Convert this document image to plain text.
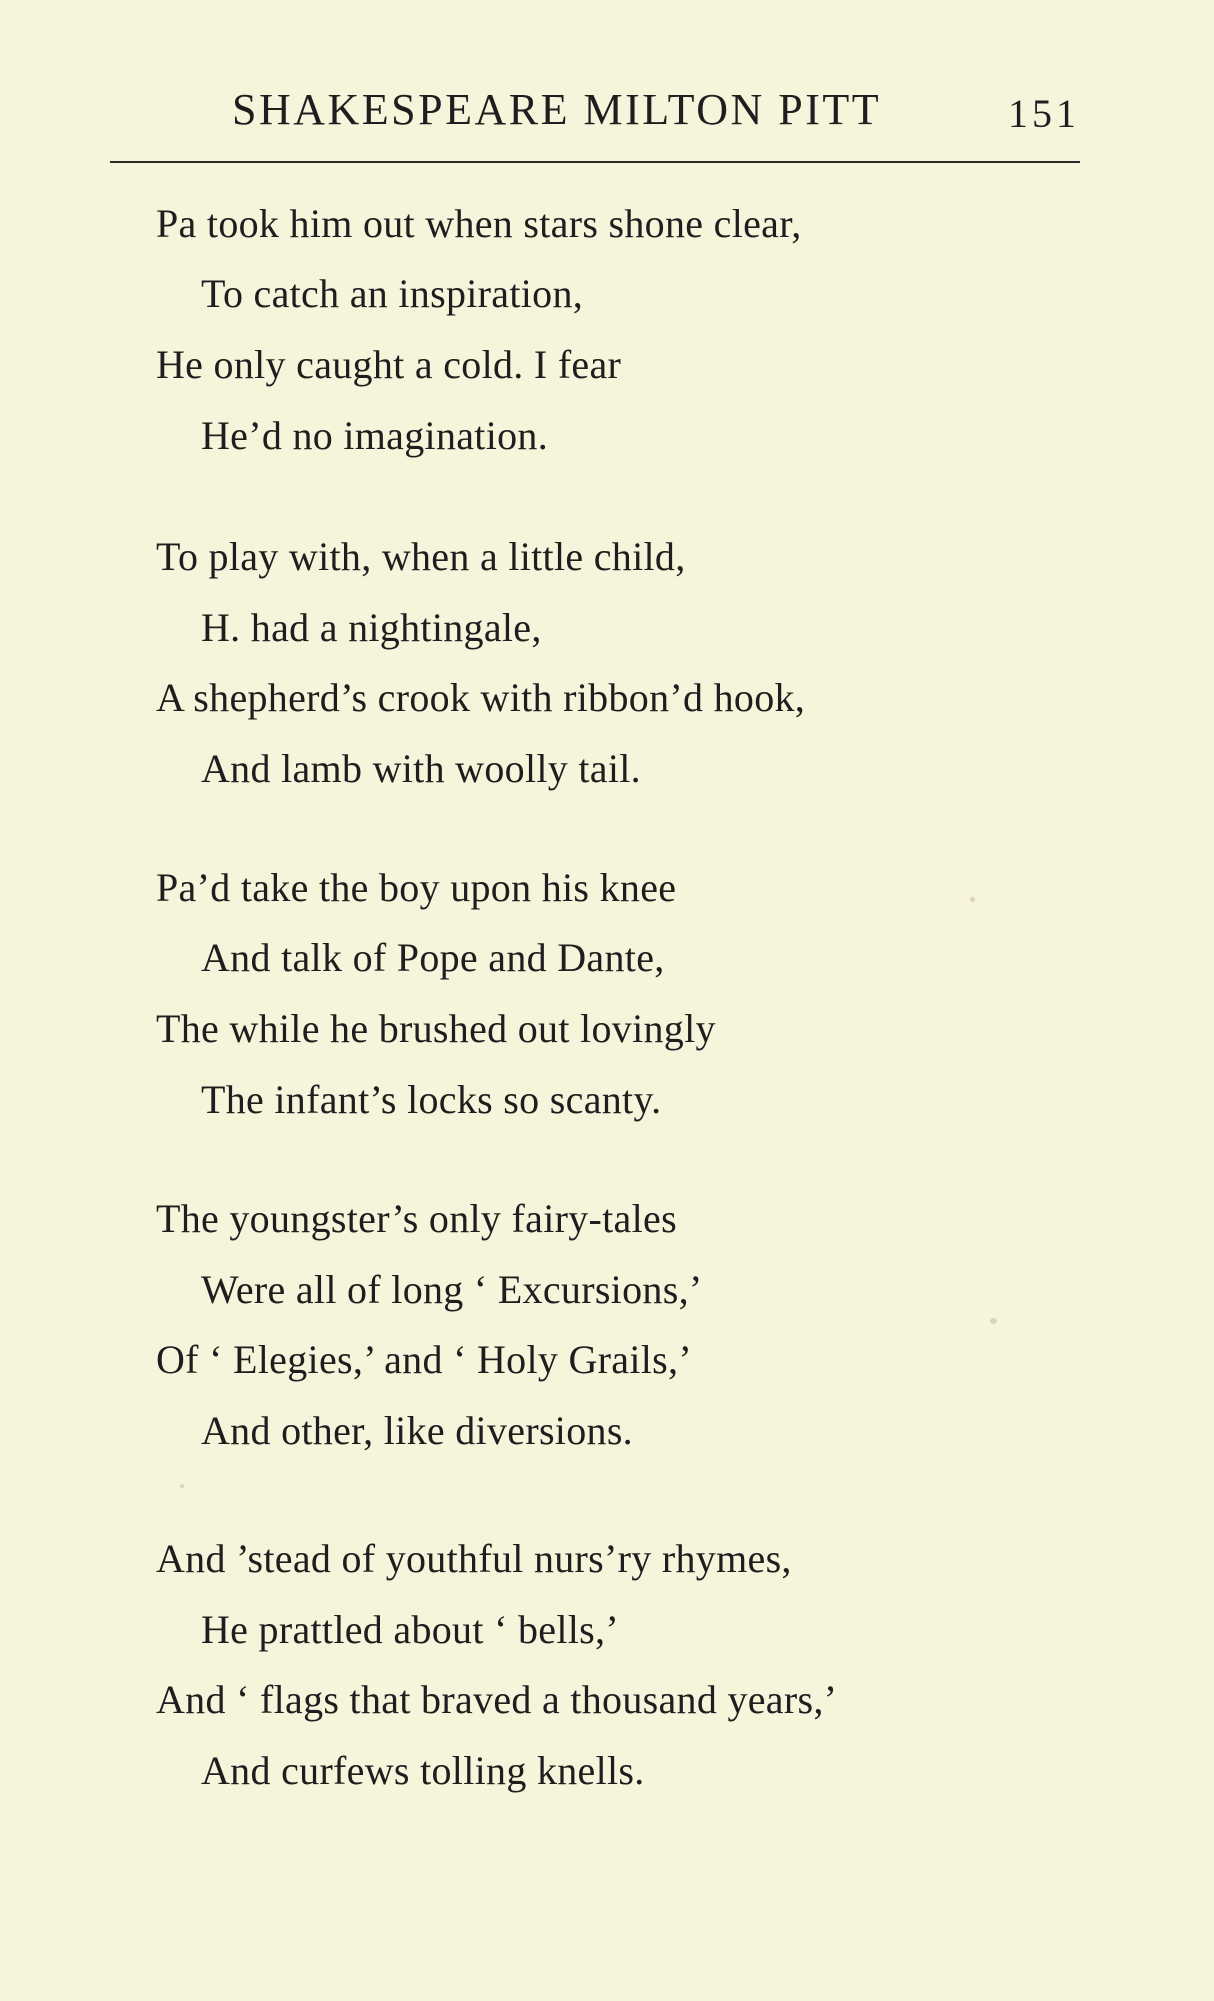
SHAKESPEARE MILTON PITT	151
Pa took him out when stars shone clear,
To catch an inspiration,
He only caught a cold. I fear
He’d no imagination.
To play with, when a little child,
H. had a nightingale,
A shepherd’s crook with ribbon’d hook,
And lamb with woolly tail.
Pa’d take the boy upon his knee
And talk of Pope and Dante,
The while he brushed out lovingly
The infant’s locks so scanty.
The youngster’s only fairy-tales
Were all of long ‘ Excursions,’
Of ‘ Elegies,’ and ‘ Holy Grails,’
And other, like diversions.
And ’stead of youthful nurs’ry rhymes,
He prattled about ‘ bells,’
And ‘ flags that braved a thousand years,’
And curfews tolling knells.
